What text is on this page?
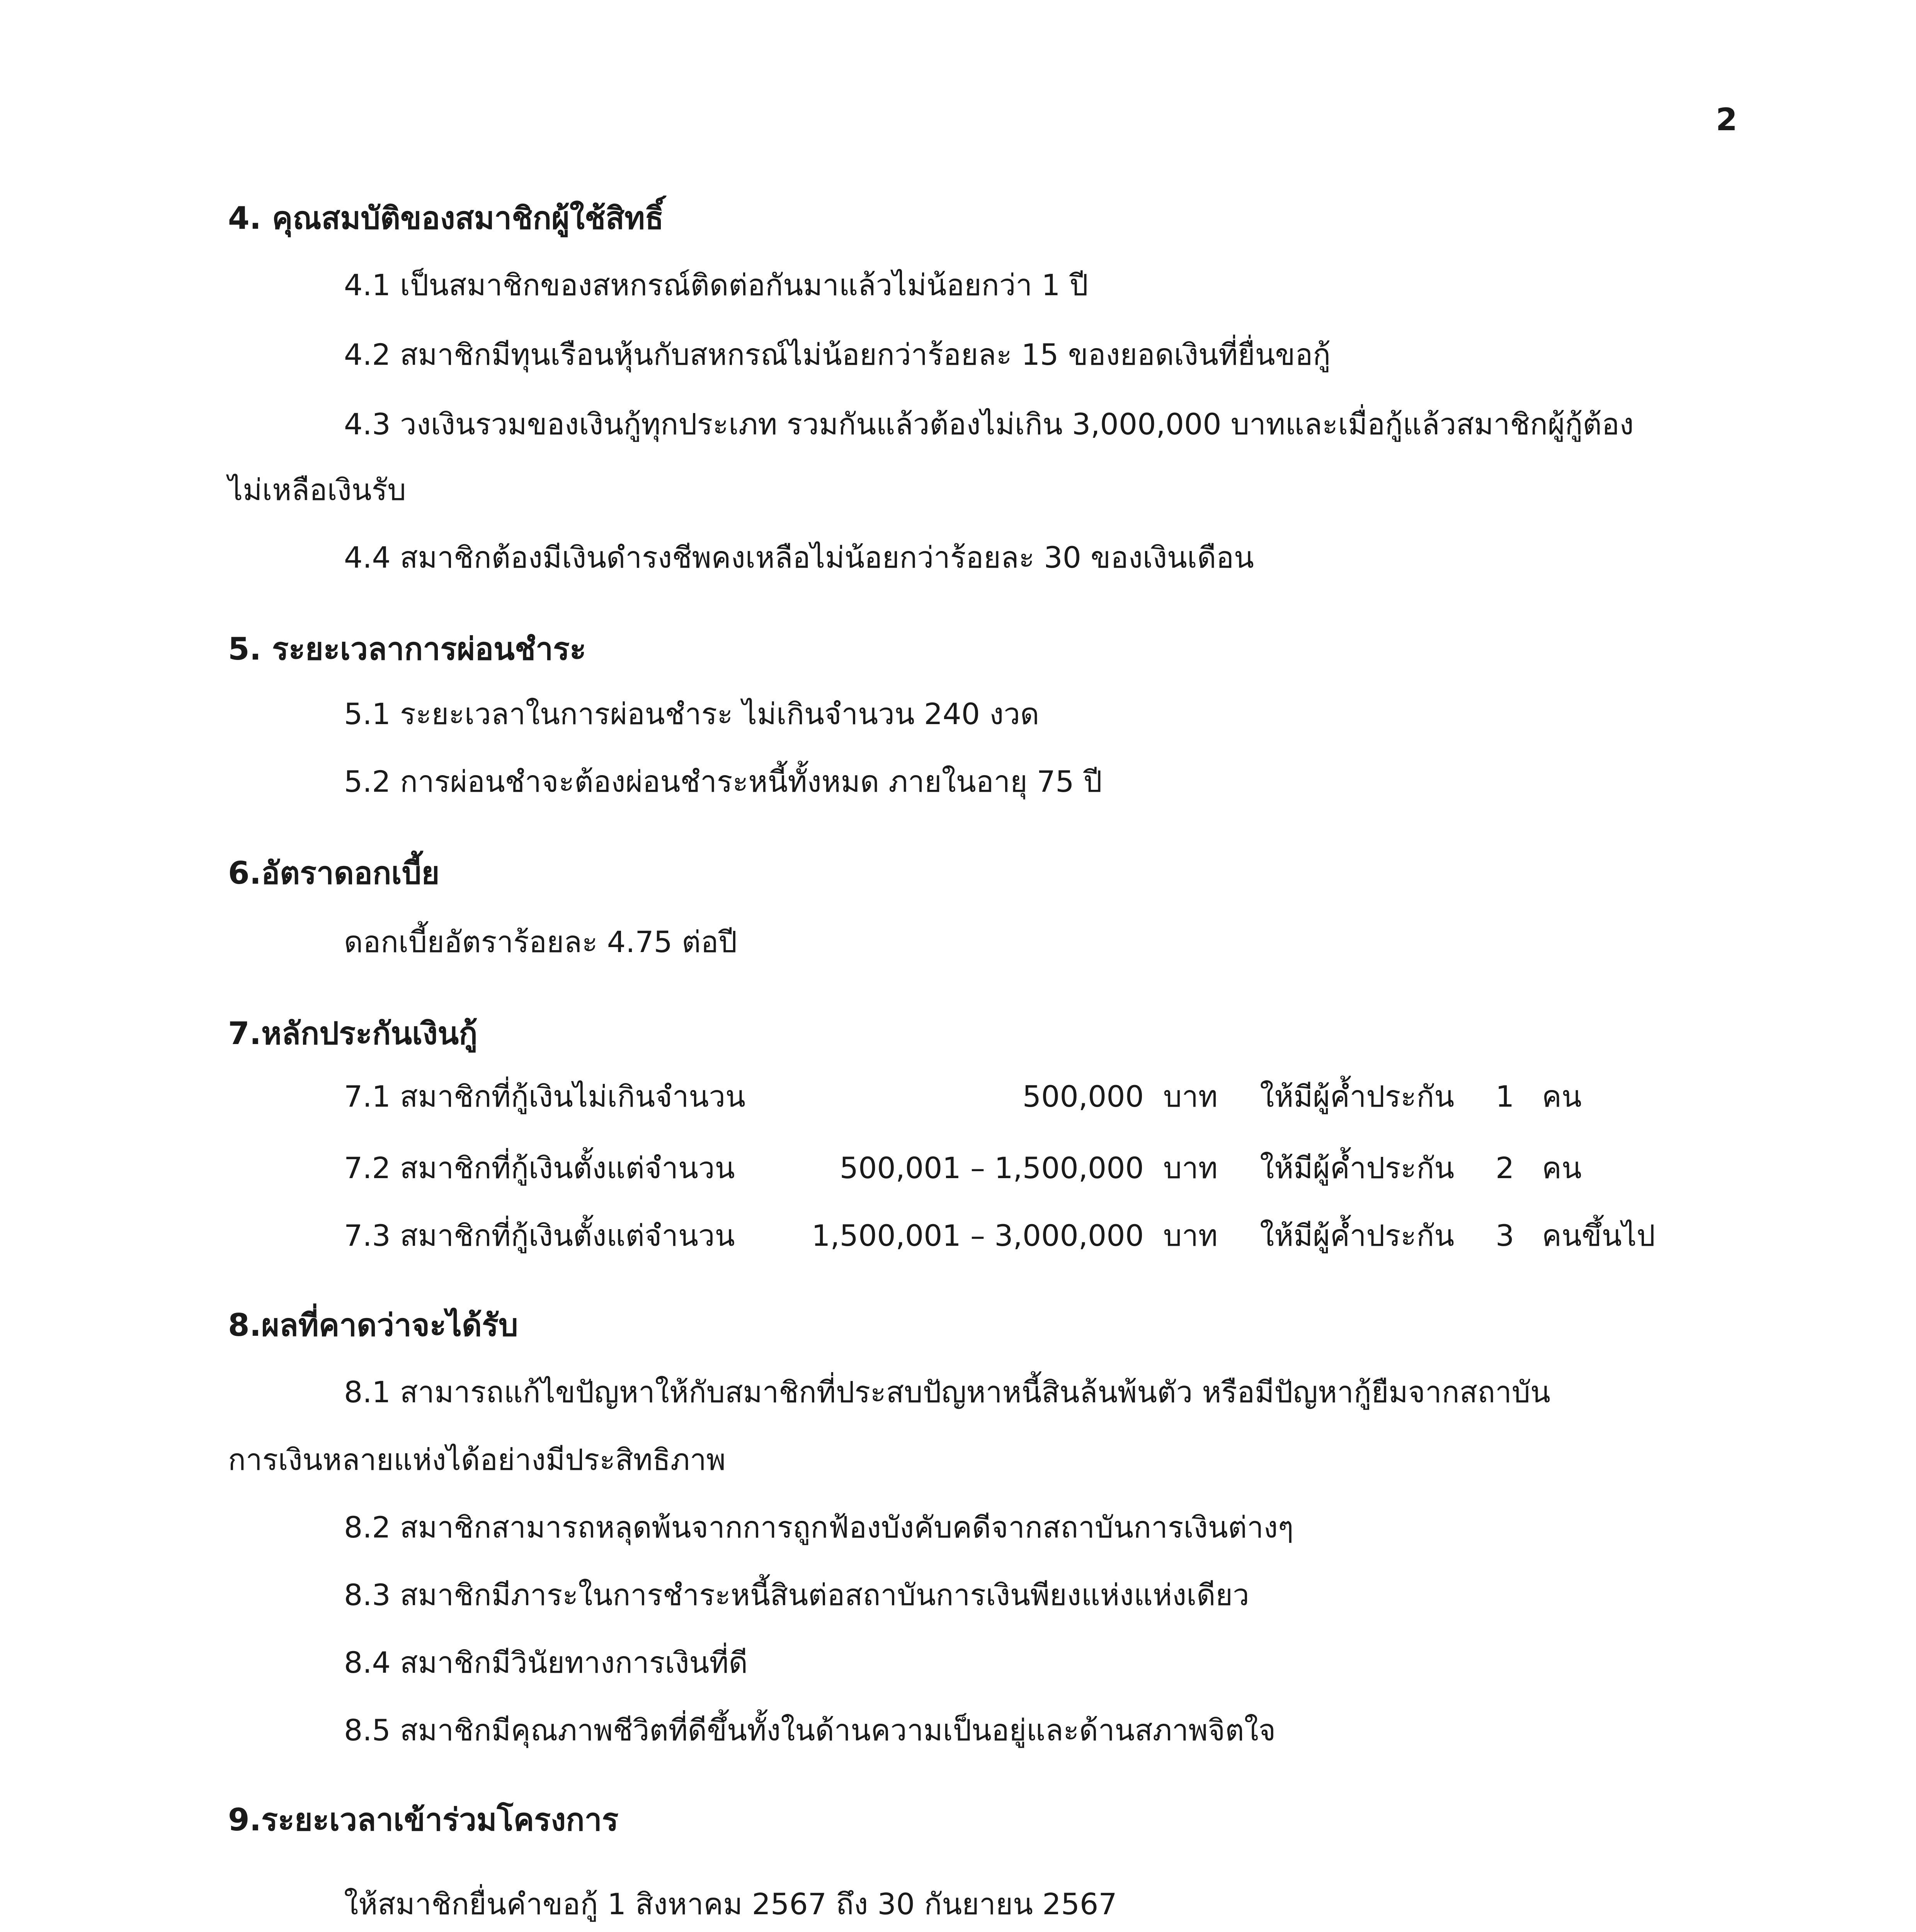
2
4. คุณสมบัติของสมาชิกผู้ใช้สิทธิ์
4.1 เป็นสมาชิกของสหกรณ์ติดต่อกันมาแล้วไม่น้อยกว่า 1 ปี
4.2 สมาชิกมีทุนเรือนหุ้นกับสหกรณ์ไม่น้อยกว่าร้อยละ 15 ของยอดเงินที่ยื่นขอกู้
4.3 วงเงินรวมของเงินกู้ทุกประเภท รวมกันแล้วต้องไม่เกิน 3,000,000 บาทและเมื่อกู้แล้วสมาชิกผู้กู้ต้อง
ไม่เหลือเงินรับ
4.4 สมาชิกต้องมีเงินดำรงชีพคงเหลือไม่น้อยกว่าร้อยละ 30 ของเงินเดือน
5. ระยะเวลาการผ่อนชำระ
5.1 ระยะเวลาในการผ่อนชำระ ไม่เกินจำนวน 240 งวด
5.2 การผ่อนชำจะต้องผ่อนชำระหนี้ทั้งหมด ภายในอายุ 75 ปี
6.อัตราดอกเบี้ย
ดอกเบี้ยอัตราร้อยละ 4.75 ต่อปี
7.หลักประกันเงินกู้
7.1 สมาชิกที่กู้เงินไม่เกินจำนวน	500,000 บาท ให้มีผู้ค้ำประกัน 1 คน
7.2 สมาชิกที่กู้เงินตั้งแต่จำนวน	500,001 – 1,500,000 บาท ให้มีผู้ค้ำประกัน 2 คน
7.3 สมาชิกที่กู้เงินตั้งแต่จำนวน	1,500,001 – 3,000,000 บาท ให้มีผู้ค้ำประกัน 3 คนขึ้นไป
8.ผลที่คาดว่าจะได้รับ
8.1 สามารถแก้ไขปัญหาให้กับสมาชิกที่ประสบปัญหาหนี้สินล้นพ้นตัว หรือมีปัญหากู้ยืมจากสถาบัน
การเงินหลายแห่งได้อย่างมีประสิทธิภาพ
8.2 สมาชิกสามารถหลุดพ้นจากการถูกฟ้องบังคับคดีจากสถาบันการเงินต่างๆ
8.3 สมาชิกมีภาระในการชำระหนี้สินต่อสถาบันการเงินพียงแห่งแห่งเดียว
8.4 สมาชิกมีวินัยทางการเงินที่ดี
8.5 สมาชิกมีคุณภาพชีวิตที่ดีขึ้นทั้งในด้านความเป็นอยู่และด้านสภาพจิตใจ
9.ระยะเวลาเข้าร่วมโครงการ
ให้สมาชิกยื่นคำขอกู้ 1 สิงหาคม 2567 ถึง 30 กันยายน 2567
